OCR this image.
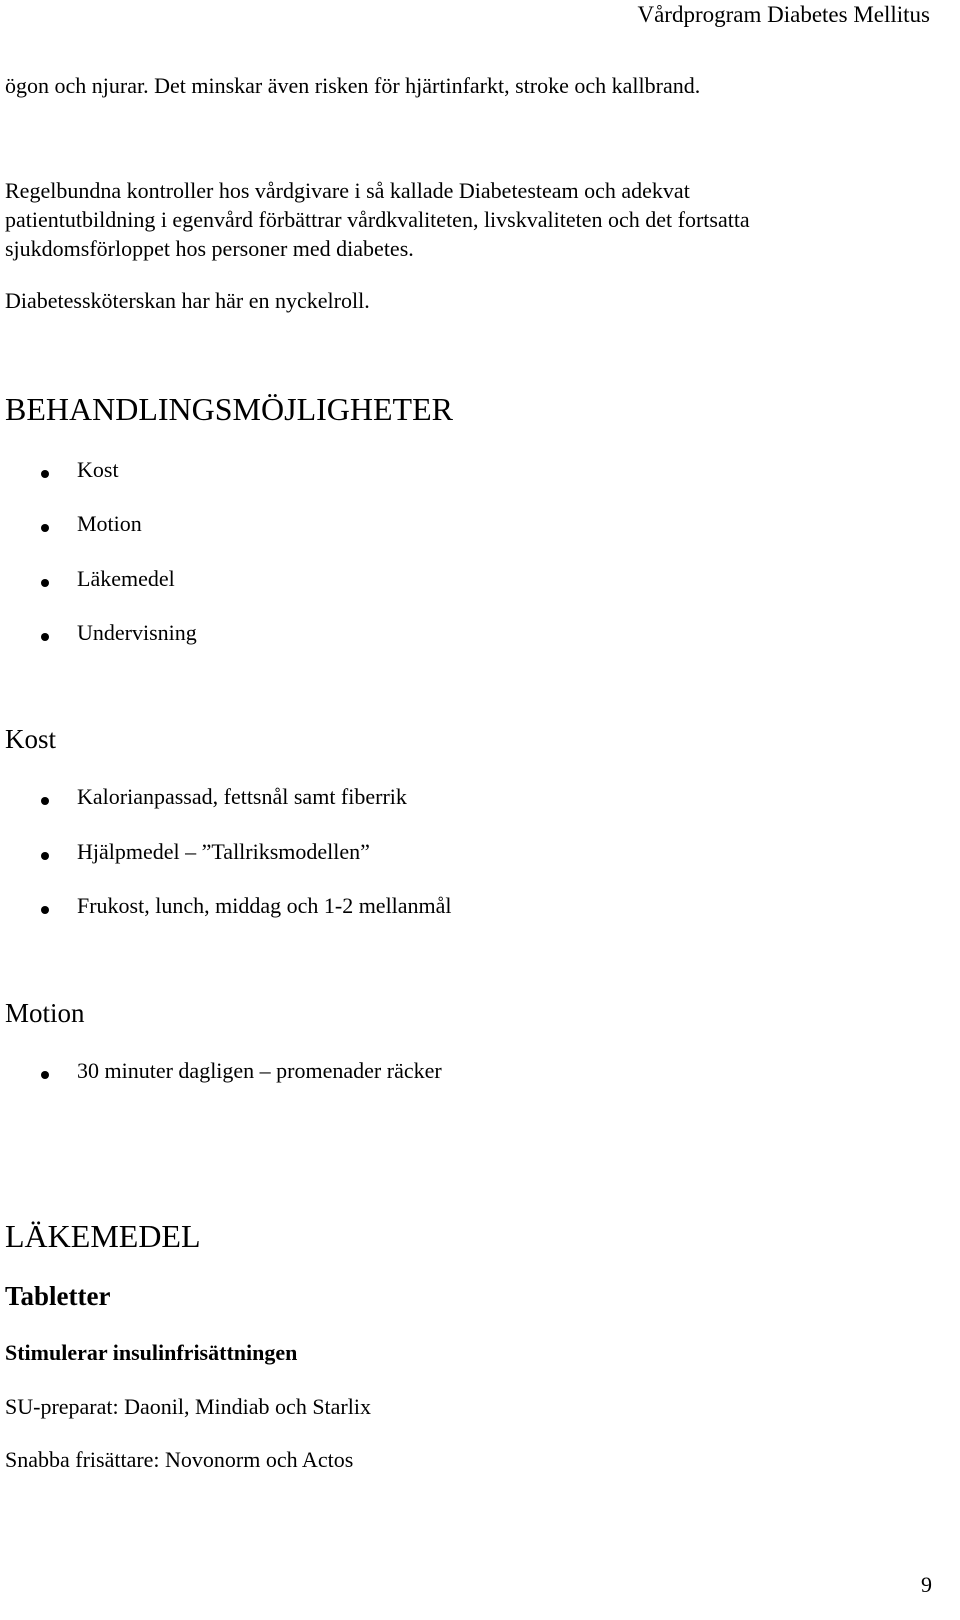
Vårdprogram Diabetes Mellitus
ögon och njurar. Det minskar även risken för hjärtinfarkt, stroke och kallbrand.
Regelbundna kontroller hos vårdgivare i så kallade Diabetesteam och adekvat
patientutbildning i egenvård förbättrar vårdkvaliteten, livskvaliteten och det fortsatta
sjukdomsförloppet hos personer med diabetes.
Diabetessköterskan har här en nyckelroll.
BEHANDLINGSMÖJLIGHETER
Kost
Motion
Läkemedel
Undervisning
Kost
Kalorianpassad, fettsnål samt fiberrik
Hjälpmedel – ”Tallriksmodellen”
Frukost, lunch, middag och 1-2 mellanmål
Motion
30 minuter dagligen – promenader räcker
LÄKEMEDEL
Tabletter
Stimulerar insulinfrisättningen
SU-preparat: Daonil, Mindiab och Starlix
Snabba frisättare: Novonorm och Actos
9
